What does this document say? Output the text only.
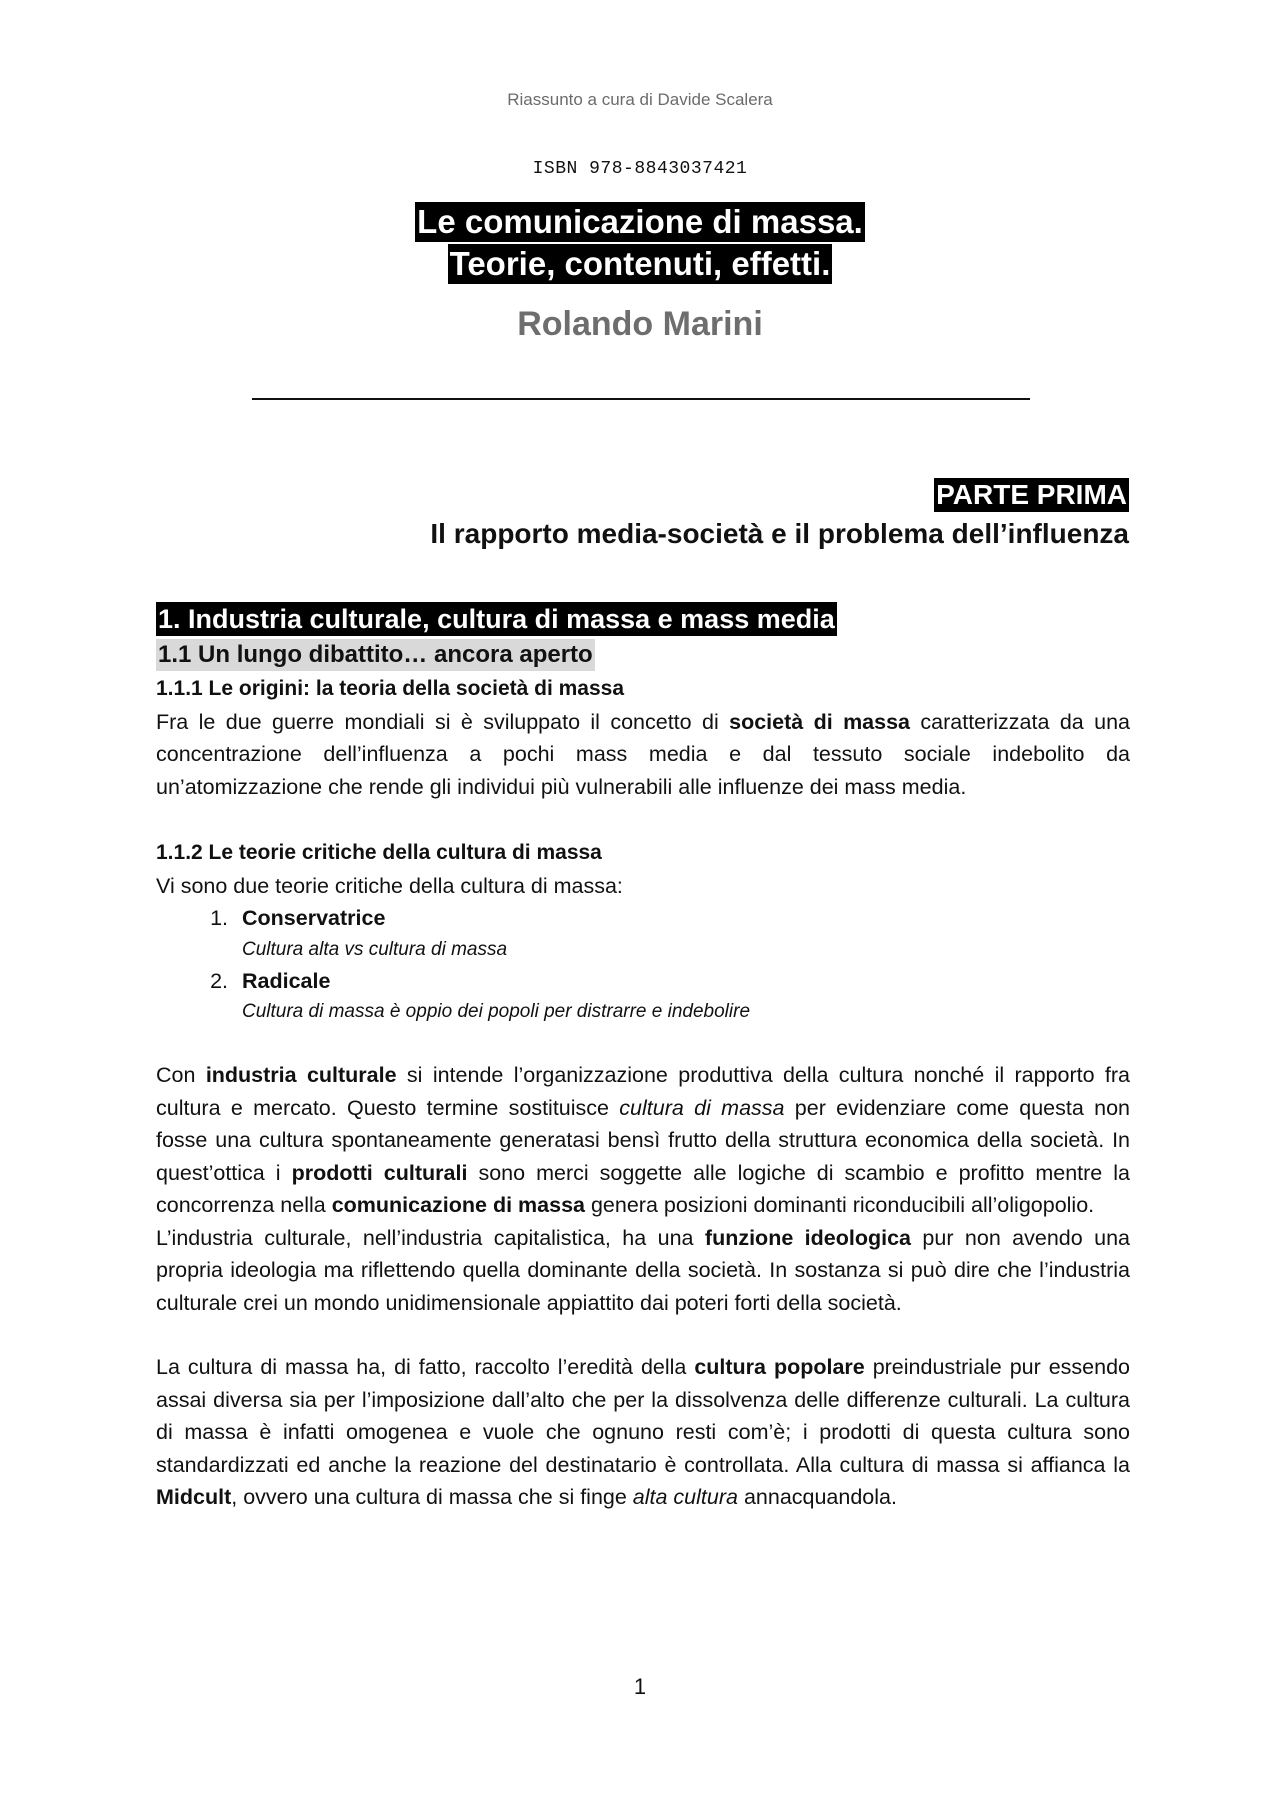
Riassunto a cura di Davide Scalera
ISBN 978-8843037421
Le comunicazione di massa.
Teorie, contenuti, effetti.
Rolando Marini
PARTE PRIMA
Il rapporto media-società e il problema dell’influenza
1. Industria culturale, cultura di massa e mass media
1.1 Un lungo dibattito… ancora aperto
1.1.1 Le origini: la teoria della società di massa

Fra le due guerre mondiali si è sviluppato il concetto di società di massa caratterizzata da una concentrazione dell’influenza a pochi mass media e dal tessuto sociale indebolito da un’atomizzazione che rende gli individui più vulnerabili alle influenze dei mass media.

1.1.2 Le teorie critiche della cultura di massa

Vi sono due teorie critiche della cultura di massa:

1. Conservatrice
Cultura alta vs cultura di massa
2. Radicale
Cultura di massa è oppio dei popoli per distrarre e indebolire

Con industria culturale si intende l’organizzazione produttiva della cultura nonché il rapporto fra cultura e mercato. Questo termine sostituisce cultura di massa per evidenziare come questa non fosse una cultura spontaneamente generatasi bensì frutto della struttura economica della società. In quest’ottica i prodotti culturali sono merci soggette alle logiche di scambio e profitto mentre la concorrenza nella comunicazione di massa genera posizioni dominanti riconducibili all’oligopolio.

L’industria culturale, nell’industria capitalistica, ha una funzione ideologica pur non avendo una propria ideologia ma riflettendo quella dominante della società. In sostanza si può dire che l’industria culturale crei un mondo unidimensionale appiattito dai poteri forti della società.

La cultura di massa ha, di fatto, raccolto l’eredità della cultura popolare preindustriale pur essendo assai diversa sia per l’imposizione dall’alto che per la dissolvenza delle differenze culturali. La cultura di massa è infatti omogenea e vuole che ognuno resti com’è; i prodotti di questa cultura sono standardizzati ed anche la reazione del destinatario è controllata. Alla cultura di massa si affianca la Midcult, ovvero una cultura di massa che si finge alta cultura annacquandola.

1
